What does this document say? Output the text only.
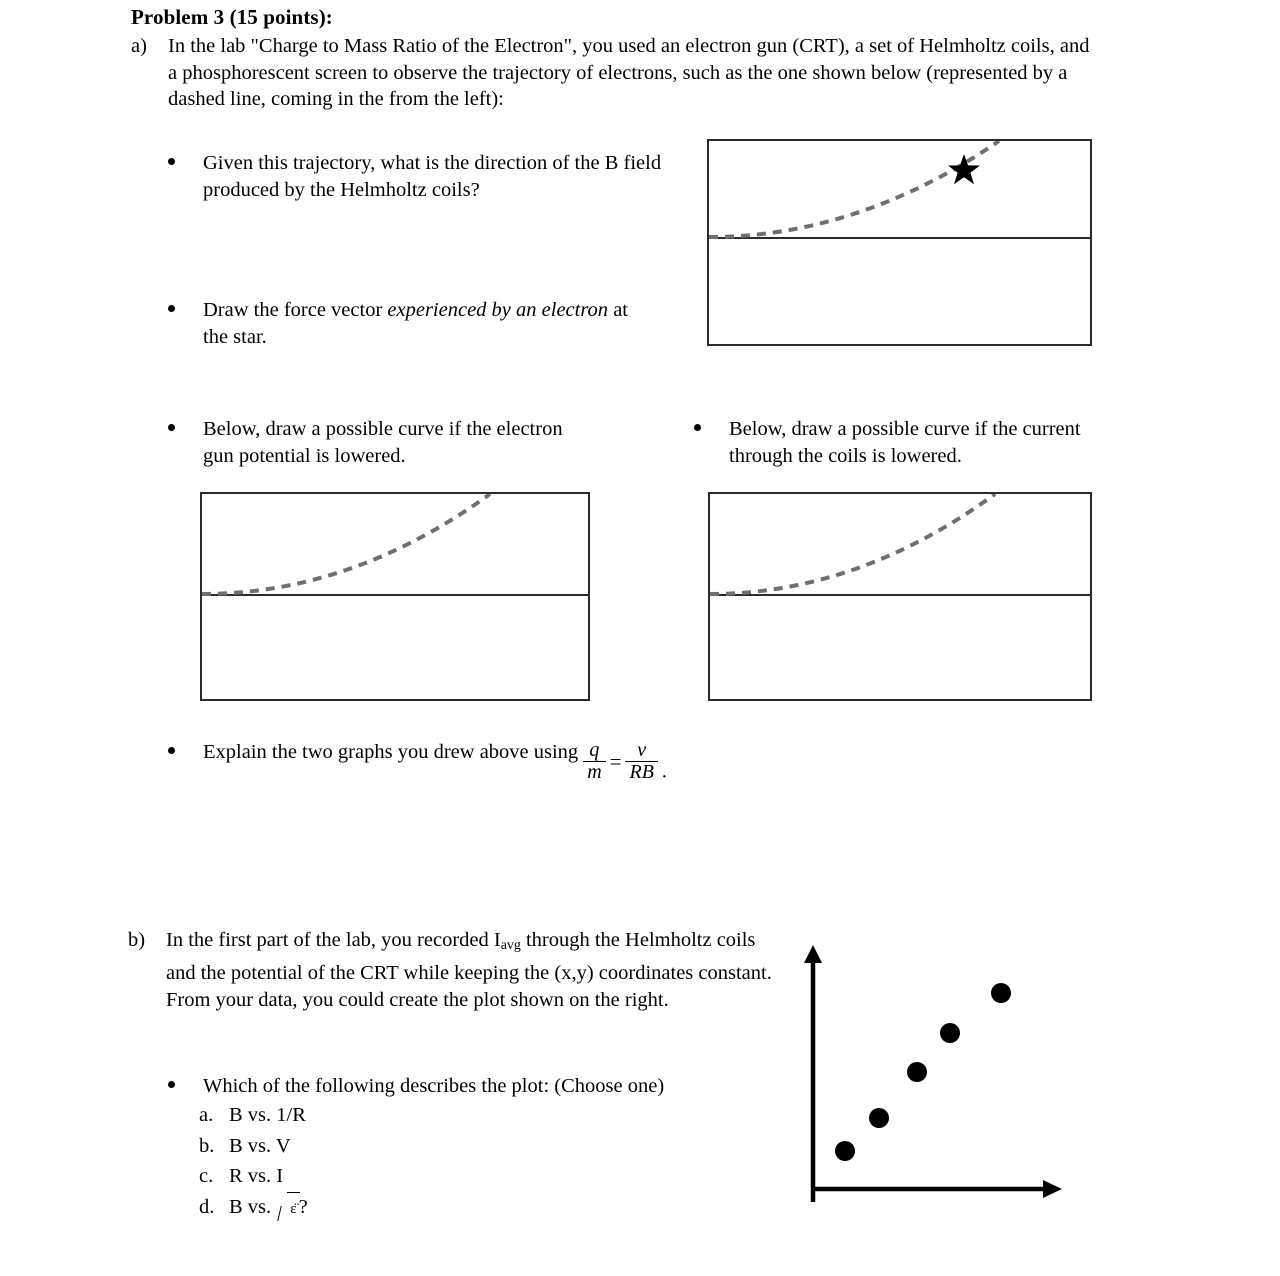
Problem 3 (15 points):
a) In the lab "Charge to Mass Ratio of the Electron", you used an electron gun (CRT), a set of Helmholtz coils, and a phosphorescent screen to observe the trajectory of electrons, such as the one shown below (represented by a dashed line, coming in the from the left):
Given this trajectory, what is the direction of the B field produced by the Helmholtz coils?
Draw the force vector experienced by an electron at the star.
Below, draw a possible curve if the electron gun potential is lowered.
Below, draw a possible curve if the current through the coils is lowered.
Explain the two graphs you drew above using $\frac{q}{m} = \frac{v}{RB}$ .
b) In the first part of the lab, you recorded $I_{avg}$ through the Helmholtz coils and the potential of the CRT while keeping the (x,y) coordinates constant. From your data, you could create the plot shown on the right.
Which of the following describes the plot: (Choose one)
a. B vs. 1/R
b. B vs. V
c. R vs. I
d. B vs. ɛ̈?
